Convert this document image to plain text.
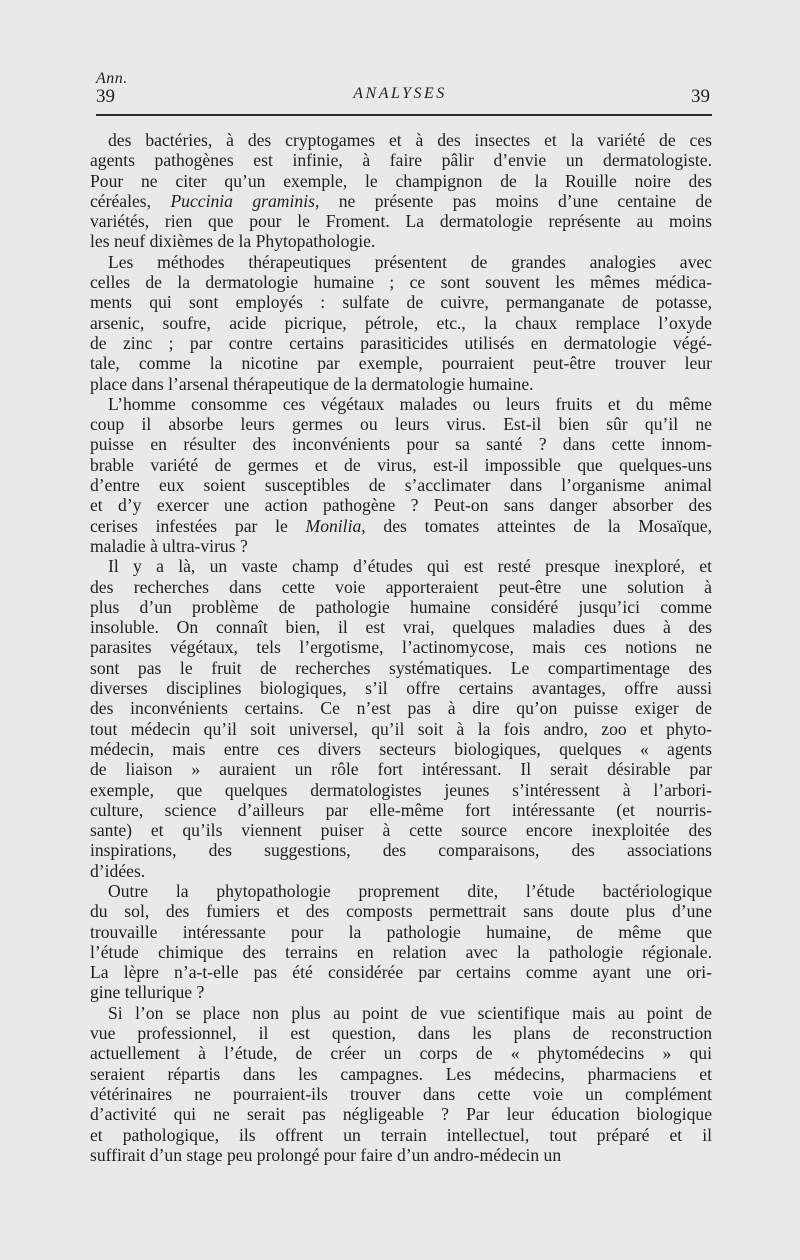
Ann.
39	ANALYSES	39

des bactéries, à des cryptogames et à des insectes et la variété de ces
agents pathogènes est infinie, à faire pâlir d’envie un dermatologiste.
Pour ne citer qu’un exemple, le champignon de la Rouille noire des
céréales, Puccinia graminis, ne présente pas moins d’une centaine de
variétés, rien que pour le Froment. La dermatologie représente au moins
les neuf dixièmes de la Phytopathologie.

Les méthodes thérapeutiques présentent de grandes analogies avec
celles de la dermatologie humaine ; ce sont souvent les mêmes médica-
ments qui sont employés : sulfate de cuivre, permanganate de potasse,
arsenic, soufre, acide picrique, pétrole, etc., la chaux remplace l’oxyde
de zinc ; par contre certains parasiticides utilisés en dermatologie végé-
tale, comme la nicotine par exemple, pourraient peut-être trouver leur
place dans l’arsenal thérapeutique de la dermatologie humaine.

L’homme consomme ces végétaux malades ou leurs fruits et du même
coup il absorbe leurs germes ou leurs virus. Est-il bien sûr qu’il ne
puisse en résulter des inconvénients pour sa santé ? dans cette innom-
brable variété de germes et de virus, est-il impossible que quelques-uns
d’entre eux soient susceptibles de s’acclimater dans l’organisme animal
et d’y exercer une action pathogène ? Peut-on sans danger absorber des
cerises infestées par le Monilia, des tomates atteintes de la Mosaïque,
maladie à ultra-virus ?

Il y a là, un vaste champ d’études qui est resté presque inexploré, et
des recherches dans cette voie apporteraient peut-être une solution à
plus d’un problème de pathologie humaine considéré jusqu’ici comme
insoluble. On connaît bien, il est vrai, quelques maladies dues à des
parasites végétaux, tels l’ergotisme, l’actinomycose, mais ces notions ne
sont pas le fruit de recherches systématiques. Le compartimentage des
diverses disciplines biologiques, s’il offre certains avantages, offre aussi
des inconvénients certains. Ce n’est pas à dire qu’on puisse exiger de
tout médecin qu’il soit universel, qu’il soit à la fois andro, zoo et phyto-
médecin, mais entre ces divers secteurs biologiques, quelques « agents
de liaison » auraient un rôle fort intéressant. Il serait désirable par
exemple, que quelques dermatologistes jeunes s’intéressent à l’arbori-
culture, science d’ailleurs par elle-même fort intéressante (et nourris-
sante) et qu’ils viennent puiser à cette source encore inexploitée des
inspirations, des suggestions, des comparaisons, des associations
d’idées.

Outre la phytopathologie proprement dite, l’étude bactériologique
du sol, des fumiers et des composts permettrait sans doute plus d’une
trouvaille intéressante pour la pathologie humaine, de même que
l’étude chimique des terrains en relation avec la pathologie régionale.
La lèpre n’a-t-elle pas été considérée par certains comme ayant une ori-
gine tellurique ?

Si l’on se place non plus au point de vue scientifique mais au point de
vue professionnel, il est question, dans les plans de reconstruction
actuellement à l’étude, de créer un corps de « phytomédecins » qui
seraient répartis dans les campagnes. Les médecins, pharmaciens et
vétérinaires ne pourraient-ils trouver dans cette voie un complément
d’activité qui ne serait pas négligeable ? Par leur éducation biologique
et pathologique, ils offrent un terrain intellectuel, tout préparé et il
suffirait d’un stage peu prolongé pour faire d’un andro-médecin un
